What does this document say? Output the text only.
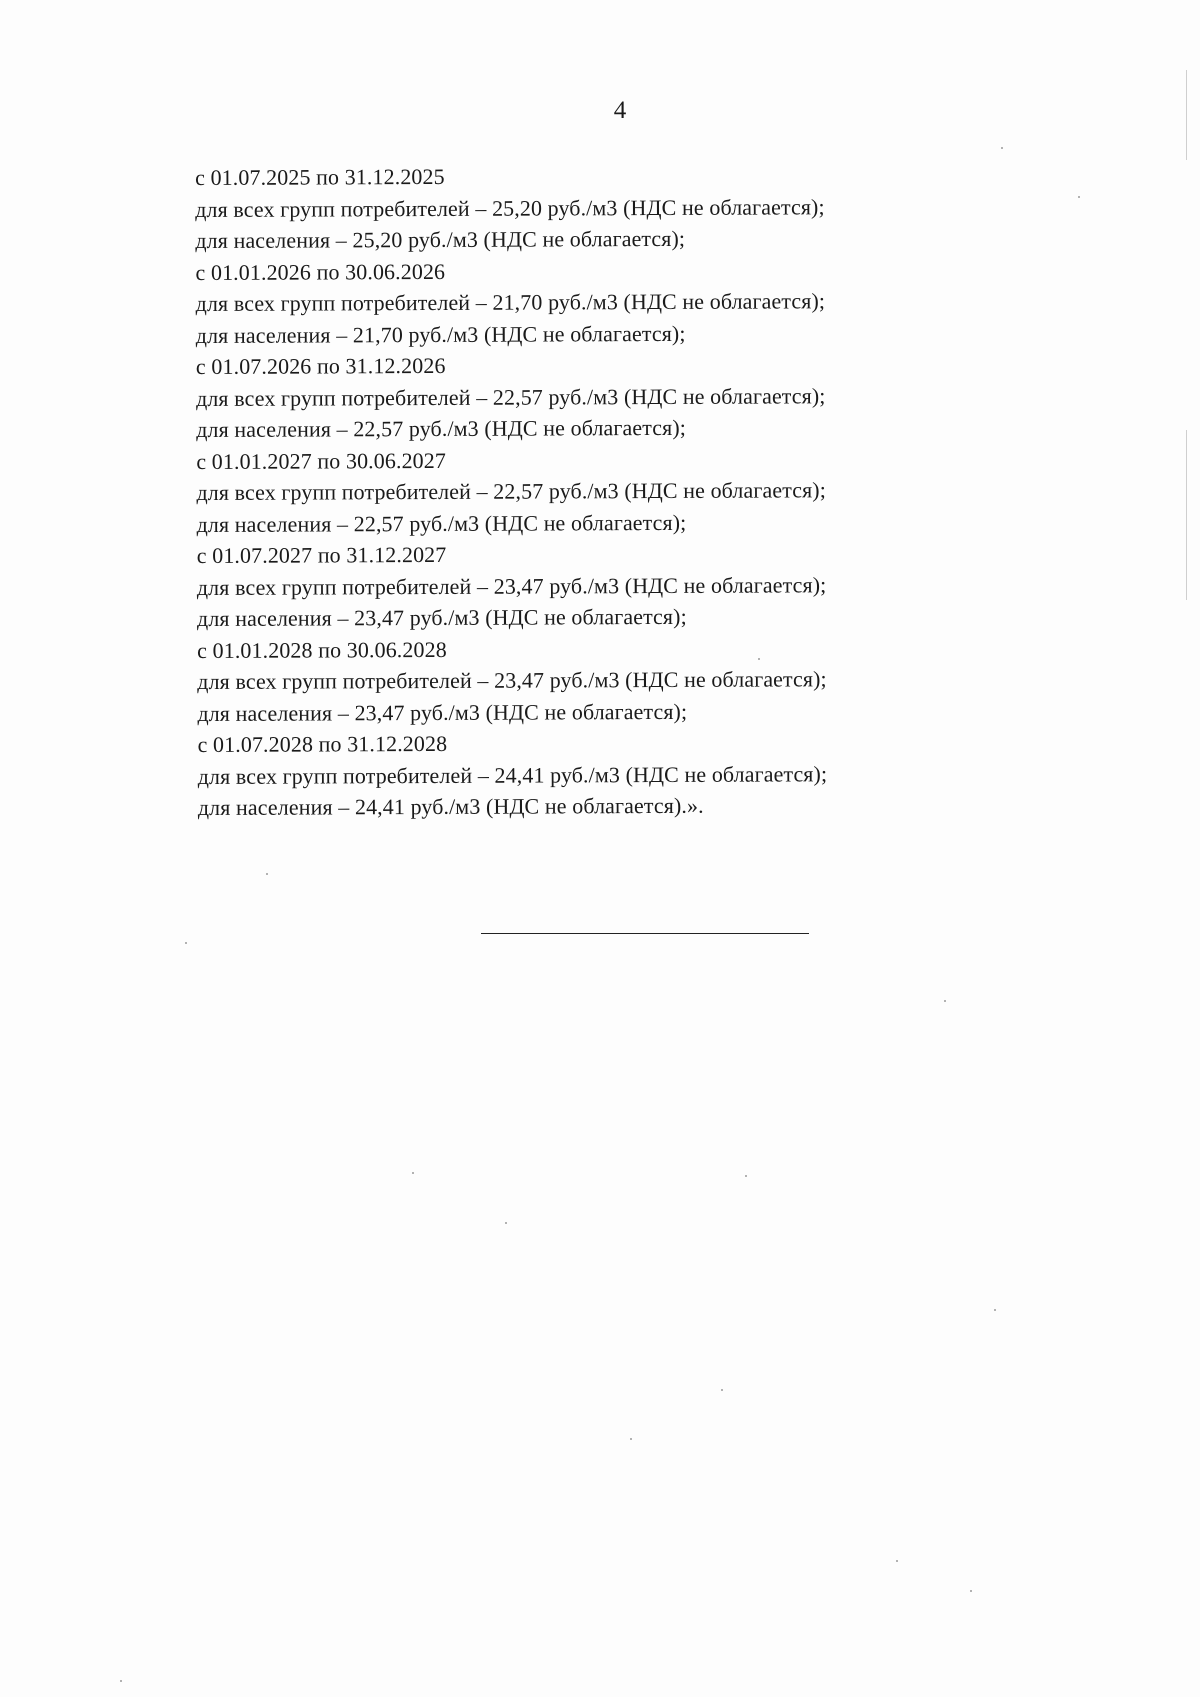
4
с 01.07.2025 по 31.12.2025
для всех групп потребителей – 25,20 руб./м3 (НДС не облагается);
для населения – 25,20 руб./м3 (НДС не облагается);
с 01.01.2026 по 30.06.2026
для всех групп потребителей – 21,70 руб./м3 (НДС не облагается);
для населения – 21,70 руб./м3 (НДС не облагается);
с 01.07.2026 по 31.12.2026
для всех групп потребителей – 22,57 руб./м3 (НДС не облагается);
для населения – 22,57 руб./м3 (НДС не облагается);
с 01.01.2027 по 30.06.2027
для всех групп потребителей – 22,57 руб./м3 (НДС не облагается);
для населения – 22,57 руб./м3 (НДС не облагается);
с 01.07.2027 по 31.12.2027
для всех групп потребителей – 23,47 руб./м3 (НДС не облагается);
для населения – 23,47 руб./м3 (НДС не облагается);
с 01.01.2028 по 30.06.2028
для всех групп потребителей – 23,47 руб./м3 (НДС не облагается);
для населения – 23,47 руб./м3 (НДС не облагается);
с 01.07.2028 по 31.12.2028
для всех групп потребителей – 24,41 руб./м3 (НДС не облагается);
для населения – 24,41 руб./м3 (НДС не облагается).».
